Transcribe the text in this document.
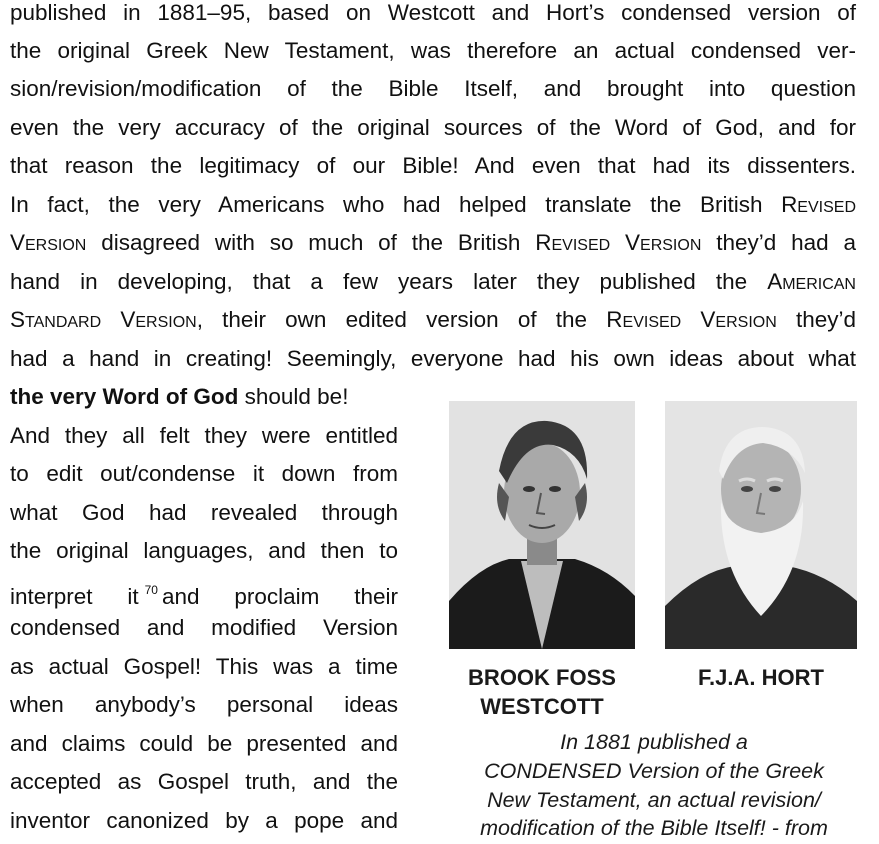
published in 1881–95, based on Westcott and Hort’s condensed version of
the original Greek New Testament, was therefore an actual condensed ver-
sion/revision/modification of the Bible Itself, and brought into question
even the very accuracy of the original sources of the Word of God, and for
that reason the legitimacy of our Bible! And even that had its dissenters.
In fact, the very Americans who had helped translate the British Revised
Version disagreed with so much of the British Revised Version they’d had a
hand in developing, that a few years later they published the American
Standard Version, their own edited version of the Revised Version they’d
had a hand in creating! Seemingly, everyone had his own ideas about what
the very Word of God should be!
And they all felt they were entitled
to edit out/condense it down from
what God had revealed through
the original languages, and then to
interpret it $^{70}$ and proclaim their
condensed and modified Version
as actual Gospel! This was a time
when anybody’s personal ideas
and claims could be presented and
accepted as Gospel truth, and the
inventor canonized by a pope and
BROOK FOSS
WESTCOTT
F.J.A. HORT
In 1881 published a
CONDENSED Version of the Greek
New Testament, an actual revision/
modification of the Bible Itself! - from
